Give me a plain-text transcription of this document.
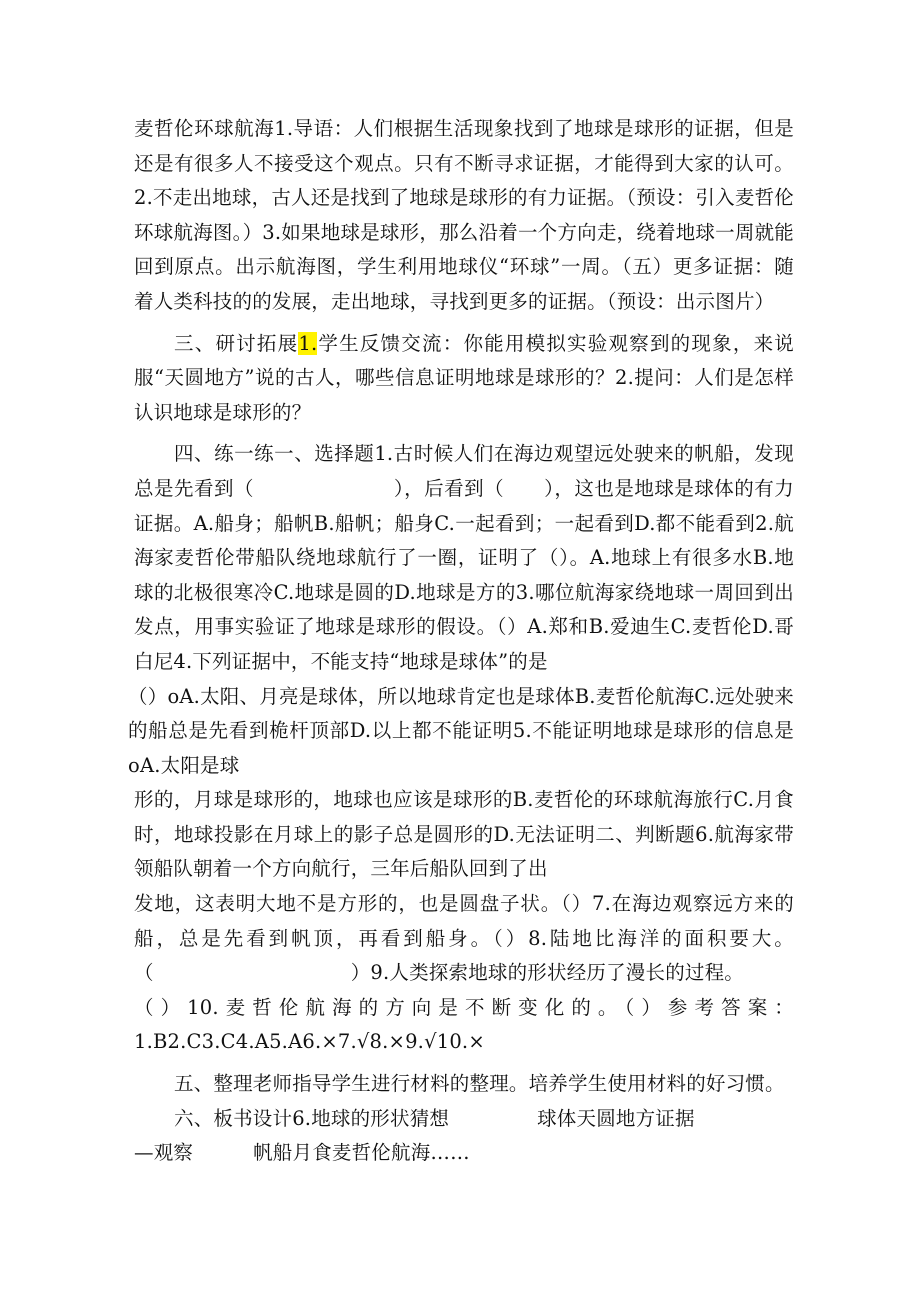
麦哲伦环球航海1.导语：人们根据生活现象找到了地球是球形的证据，但是还是有很多人不接受这个观点。只有不断寻求证据，才能得到大家的认可。2.不走出地球，古人还是找到了地球是球形的有力证据。（预设：引入麦哲伦环球航海图。）3.如果地球是球形，那么沿着一个方向走，绕着地球一周就能回到原点。出示航海图，学生利用地球仪“环球”一周。（五）更多证据：随着人类科技的的发展，走出地球，寻找到更多的证据。（预设：出示图片）

三、研讨拓展1.学生反馈交流：你能用模拟实验观察到的现象，来说服“天圆地方”说的古人，哪些信息证明地球是球形的？2.提问：人们是怎样认识地球是球形的？

四、练一练一、选择题1.古时候人们在海边观望远处驶来的帆船，发现总是先看到（　　　　　　　），后看到（　　），这也是地球是球体的有力证据。A.船身；船帆B.船帆；船身C.一起看到；一起看到D.都不能看到2.航海家麦哲伦带船队绕地球航行了一圈，证明了（）。A.地球上有很多水B.地球的北极很寒冷C.地球是圆的D.地球是方的3.哪位航海家绕地球一周回到出发点，用事实验证了地球是球形的假设。（）A.郑和B.爱迪生C.麦哲伦D.哥白尼4.下列证据中，不能支持“地球是球体”的是

（）oA.太阳、月亮是球体，所以地球肯定也是球体B.麦哲伦航海C.远处驶来的船总是先看到桅杆顶部D.以上都不能证明5.不能证明地球是球形的信息是oA.太阳是球

形的，月球是球形的，地球也应该是球形的B.麦哲伦的环球航海旅行C.月食时，地球投影在月球上的影子总是圆形的D.无法证明二、判断题6.航海家带领船队朝着一个方向航行，三年后船队回到了出

发地，这表明大地不是方形的，也是圆盘子状。（）7.在海边观察远方来的船，总是先看到帆顶，再看到船身。（）8.陆地比海洋的面积要大。（　　　　　　　　　　）9.人类探索地球的形状经历了漫长的过程。

（）10.麦哲伦航海的方向是不断变化的。（）参考答案：1.B2.C3.C4.A5.A6.×7.√8.×9.√10.×

五、整理老师指导学生进行材料的整理。培养学生使用材料的好习惯。

六、板书设计6.地球的形状猜想	球体天圆地方证据

—观察	帆船月食麦哲伦航海……
